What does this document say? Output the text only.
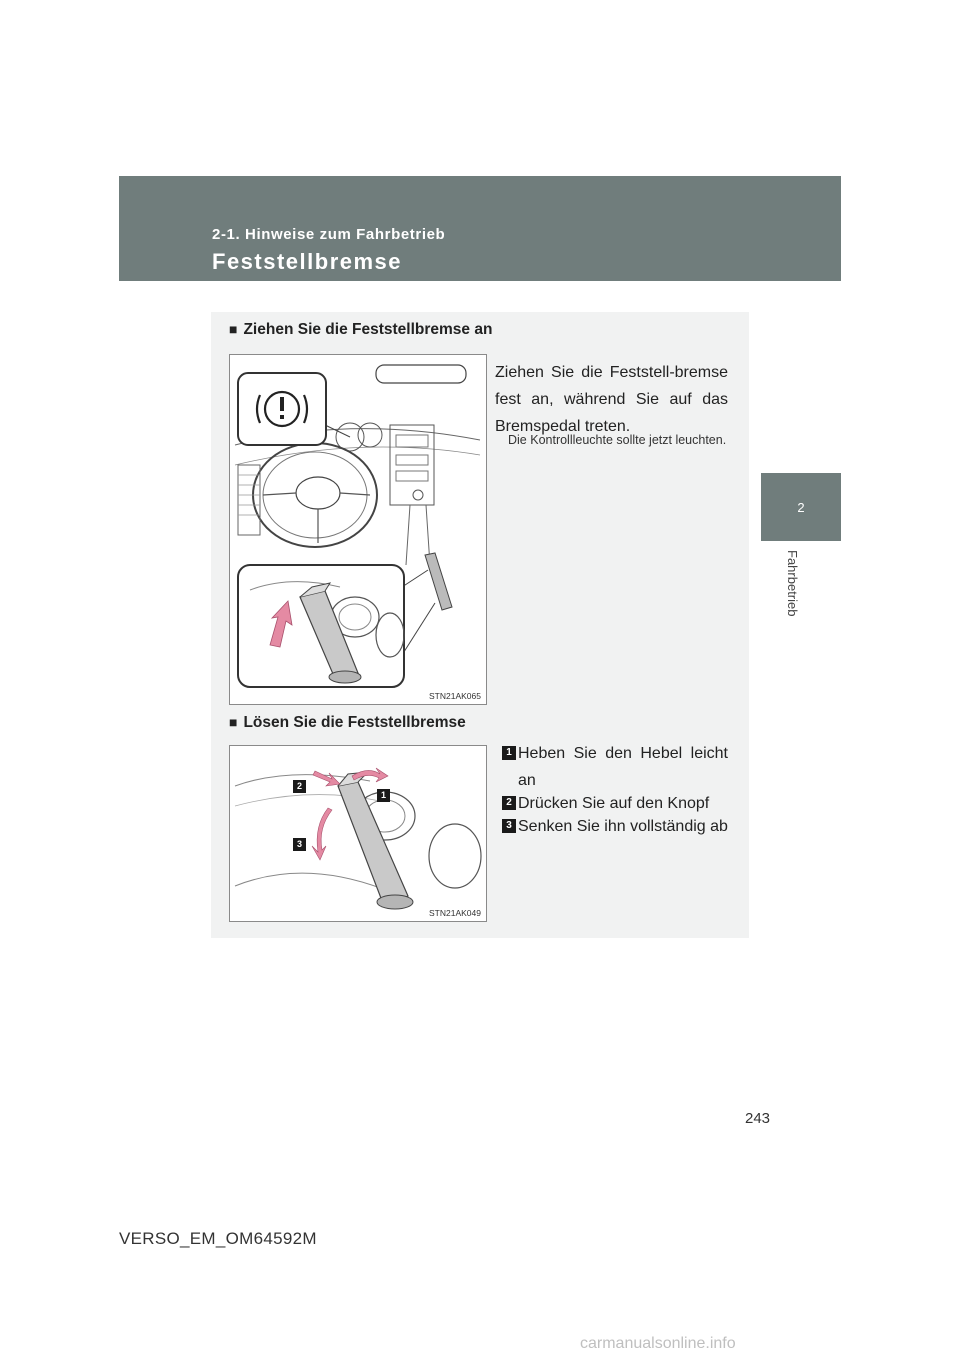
2-1. Hinweise zum Fahrbetrieb
Feststellbremse
2
Fahrbetrieb
■ Ziehen Sie die Feststellbremse an
STN21AK065
Ziehen Sie die Feststell-bremse fest an, während Sie auf das Bremspedal treten.
Die Kontrollleuchte sollte jetzt leuchten.
■ Lösen Sie die Feststellbremse
2
1
3
STN21AK049
1 Heben Sie den Hebel leicht an
2 Drücken Sie auf den Knopf
3 Senken Sie ihn vollständig ab
243
VERSO_EM_OM64592M
carmanualsonline.info
